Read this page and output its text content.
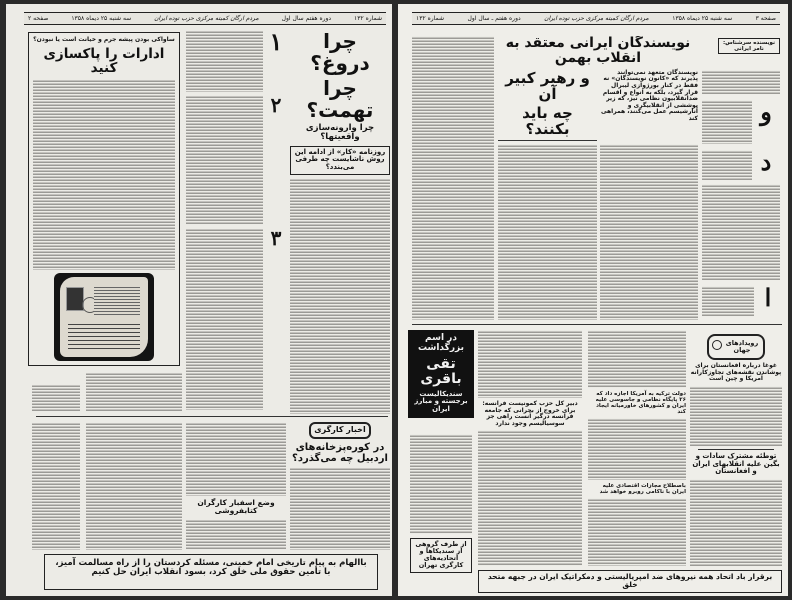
شماره ۱۳۲
دوره هفتم سال اول
مردم ارگان کمیته مرکزی حزب توده ایران
سه شنبه ۲۵ دیماه ۱۳۵۸
صفحه ۲
چرا دروغ؟
چرا تهمت؟
چرا وارونه‌سازی واقعیتها؟
روزنامه «کار» از ادامه این روش ناشایست چه طرفی می‌بندد؟
۱
۲
۳
ساواکی بودن پیشه جرم و خیانت است یا نبودن؟
ادارات را پاکسازی کنید
اخبار کارگری
در کوره‌پزخانه‌های اردبیل چه می‌گذرد؟
وضع اسفبار کارگران کتابفروشی
باالهام به پیام تاریخی امام خمینی، مسئله کردستان را از راه مسالمت آمیز، با تأمین حقوق ملی خلق کرد، بسود انقلاب ایران حل کنیم
صفحه ۳
سه شنبه ۲۵ دیماه ۱۳۵۸
مردم ارگان کمیته مرکزی حزب توده ایران
دوره هفتم ـ سال اول
شماره ۱۳۲
نویسندگان ایرانی معتقد به انقلاب بهمن
نویسندگان متعهد نمی‌توانند پذیرند که «کانون نویسندگان» نه فقط در کنار بورژوازی لیبرال قرار گیرد، بلکه به انواع و اقسام ضدانقلابیون نظامی نیز، که زیر پوششی از انقلابیگری و آنارشیسم عمل می‌کنند، همراهی کند
و رهبر کبیر آن
چه باید بکنند؟
نویسنده سرشناس: نامر ایرانی
و
د
ا
در اسم
بزرگداشت
تقی باقری
سندیکالیست برجسته و مبارز ایران
از طرف گروهی از سندیکاها و اتحادیه‌های کارگری تهران
دبیر کل حزب کمونیست فرانسه: برای خروج از بحرانی که جامعه فرانسه درگیر آنست راهی جز سوسیالیسم وجود ندارد
دولت ترکیه به آمریکا اجازه داد که ۲۶ پایگاه نظامی و جاسوسی علیه ایران و کشورهای خاورمیانه ایجاد کند
باصطلاح مجازات اقتصادی علیه ایران با ناکامی روبرو خواهد شد
رویدادهای جهان
غوغا درباره افغانستان برای پوشاندن نقشه‌های تجاوزکارانه آمریکا و چین است
توطئه مشترک سادات و بگین علیه انقلابهای ایران و افغانستان
برقرار باد اتحاد همه نیروهای ضد امپریالیستی و دمکراتیک ایران در جبهه متحد خلق
